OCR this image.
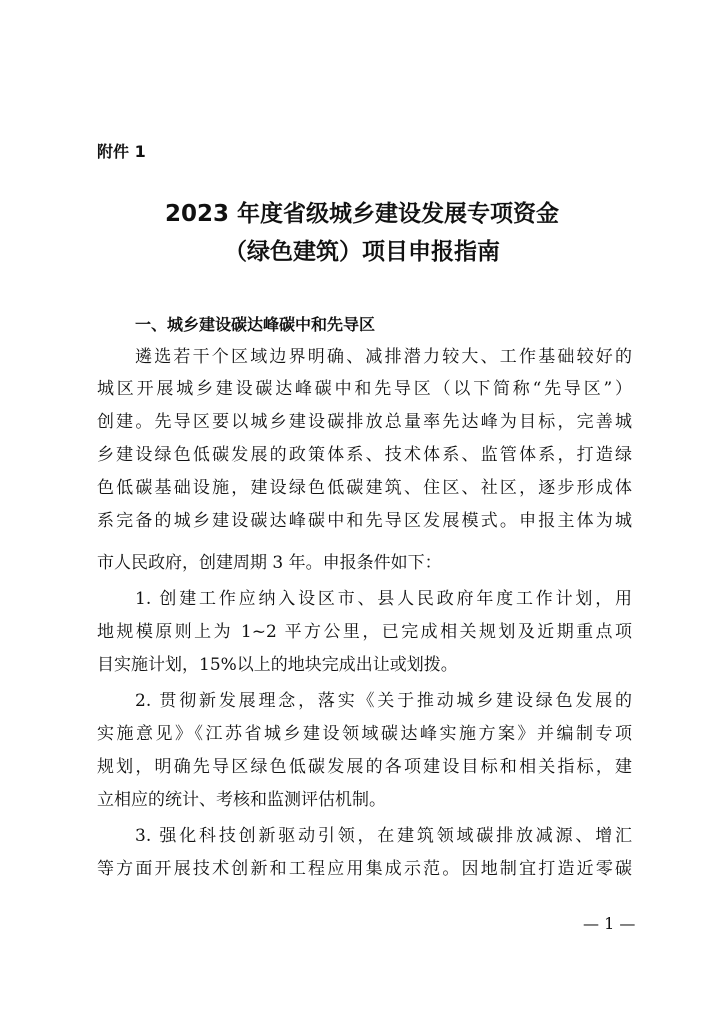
附件 1
2023 年度省级城乡建设发展专项资金
（绿色建筑）项目申报指南
一、城乡建设碳达峰碳中和先导区
遴选若干个区域边界明确、减排潜力较大、工作基础较好的
城区开展城乡建设碳达峰碳中和先导区（以下简称“先导区”）
创建。先导区要以城乡建设碳排放总量率先达峰为目标，完善城
乡建设绿色低碳发展的政策体系、技术体系、监管体系，打造绿
色低碳基础设施，建设绿色低碳建筑、住区、社区，逐步形成体
系完备的城乡建设碳达峰碳中和先导区发展模式。申报主体为城
市人民政府，创建周期 3 年。申报条件如下：
1. 创建工作应纳入设区市、县人民政府年度工作计划，用
地规模原则上为 1~2 平方公里，已完成相关规划及近期重点项
目实施计划，15%以上的地块完成出让或划拨。
2. 贯彻新发展理念，落实《关于推动城乡建设绿色发展的
实施意见》《江苏省城乡建设领域碳达峰实施方案》并编制专项
规划，明确先导区绿色低碳发展的各项建设目标和相关指标，建
立相应的统计、考核和监测评估机制。
3. 强化科技创新驱动引领，在建筑领域碳排放减源、增汇
等方面开展技术创新和工程应用集成示范。因地制宜打造近零碳
— 1 —
